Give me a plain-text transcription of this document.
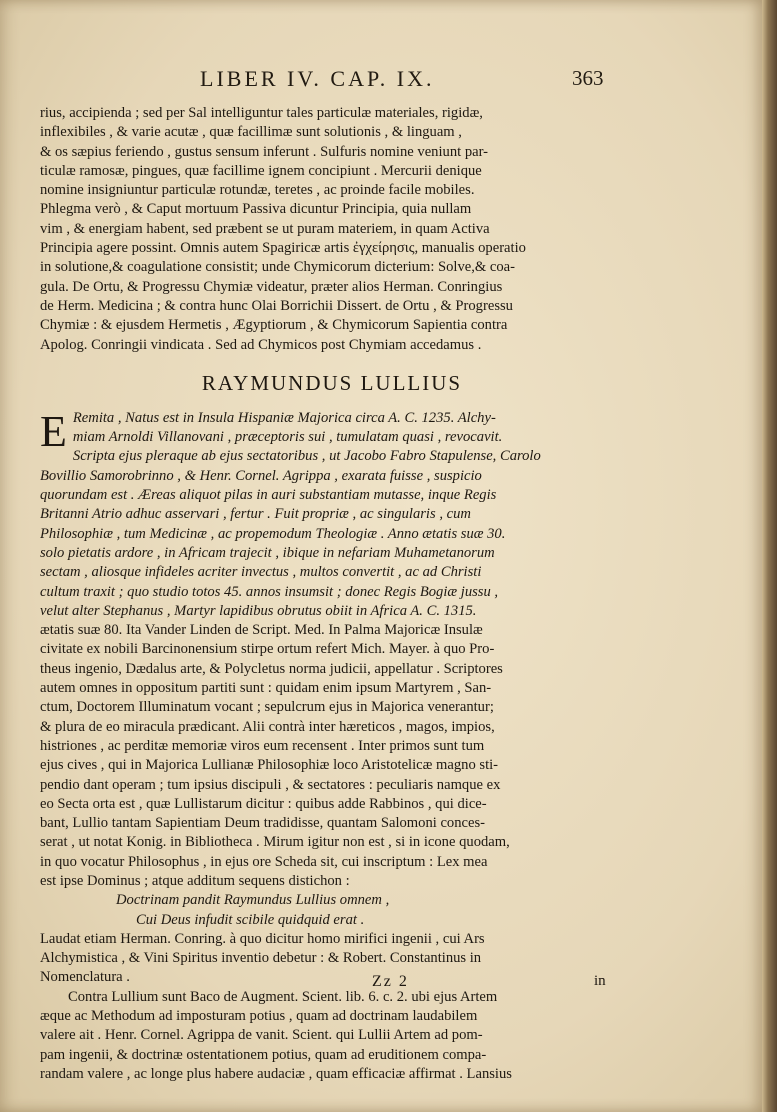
LIBER IV. CAP. IX.	363

rius, accipienda ; sed per Sal intelliguntur tales particulæ materiales, rigidæ,
inflexibiles , & varie acutæ , quæ facillimæ sunt solutionis , & linguam ,
& os sæpius feriendo , gustus sensum inferunt . Sulfuris nomine veniunt par-
ticulæ ramosæ, pingues, quæ facillime ignem concipiunt . Mercurii denique
nomine insigniuntur particulæ rotundæ, teretes , ac proinde facile mobiles.
Phlegma verò , & Caput mortuum Passiva dicuntur Principia, quia nullam
vim , & energiam habent, sed præbent se ut puram materiem, in quam Activa
Principia agere possint. Omnis autem Spagiricæ artis ἐγχείρησις, manualis operatio
in solutione,& coagulatione consistit; unde Chymicorum dicterium: Solve,& coa-
gula. De Ortu, & Progressu Chymiæ videatur, præter alios Herman. Conringius
de Herm. Medicina ; & contra hunc Olai Borrichii Dissert. de Ortu , & Progressu
Chymiæ : & ejusdem Hermetis , Ægyptiorum , & Chymicorum Sapientia contra
Apolog. Conringii vindicata . Sed ad Chymicos post Chymiam accedamus .

RAYMUNDUS LULLIUS

E Remita , Natus est in Insula Hispaniæ Majorica circa A. C. 1235. Alchy-
miam Arnoldi Villanovani , præceptoris sui , tumulatam quasi , revocavit.
Scripta ejus pleraque ab ejus sectatoribus , ut Jacobo Fabro Stapulense, Carolo
Bovillio Samorobrinno , & Henr. Cornel. Agrippa , exarata fuisse , suspicio
quorundam est . Æreas aliquot pilas in auri substantiam mutasse, inque Regis
Britanni Atrio adhuc asservari , fertur . Fuit propriæ , ac singularis , cum
Philosophiæ , tum Medicinæ , ac propemodum Theologiæ . Anno ætatis suæ 30.
solo pietatis ardore , in Africam trajecit , ibique in nefariam Muhametanorum
sectam , aliosque infideles acriter invectus , multos convertit , ac ad Christi
cultum traxit ; quo studio totos 45. annos insumsit ; donec Regis Bogiæ jussu ,
velut alter Stephanus , Martyr lapidibus obrutus obiit in Africa A. C. 1315.
ætatis suæ 80. Ita Vander Linden de Script. Med. In Palma Majoricæ Insulæ
civitate ex nobili Barcinonensium stirpe ortum refert Mich. Mayer. à quo Pro-
theus ingenio, Dædalus arte, & Polycletus norma judicii, appellatur . Scriptores
autem omnes in oppositum partiti sunt : quidam enim ipsum Martyrem , San-
ctum, Doctorem Illuminatum vocant ; sepulcrum ejus in Majorica venerantur;
& plura de eo miracula prædicant. Alii contrà inter hæreticos , magos, impios,
histriones , ac perditæ memoriæ viros eum recensent . Inter primos sunt tum
ejus cives , qui in Majorica Lullianæ Philosophiæ loco Aristotelicæ magno sti-
pendio dant operam ; tum ipsius discipuli , & sectatores : peculiaris namque ex
eo Secta orta est , quæ Lullistarum dicitur : quibus adde Rabbinos , qui dice-
bant, Lullio tantam Sapientiam Deum tradidisse, quantam Salomoni conces-
serat , ut notat Konig. in Bibliotheca . Mirum igitur non est , si in icone quodam,
in quo vocatur Philosophus , in ejus ore Scheda sit, cui inscriptum : Lex mea
est ipse Dominus ; atque additum sequens distichon :

Doctrinam pandit Raymundus Lullius omnem ,
Cui Deus infudit scibile quidquid erat .

Laudat etiam Herman. Conring. à quo dicitur homo mirifici ingenii , cui Ars
Alchymistica , & Vini Spiritus inventio debetur : & Robert. Constantinus in
Nomenclatura .

Contra Lullium sunt Baco de Augment. Scient. lib. 6. c. 2. ubi ejus Artem
æque ac Methodum ad imposturam potius , quam ad doctrinam laudabilem
valere ait . Henr. Cornel. Agrippa de vanit. Scient. qui Lullii Artem ad pom-
pam ingenii, & doctrinæ ostentationem potius, quam ad eruditionem compa-
randam valere , ac longe plus habere audaciæ , quam efficaciæ affirmat . Lansius

Zz 2	in
